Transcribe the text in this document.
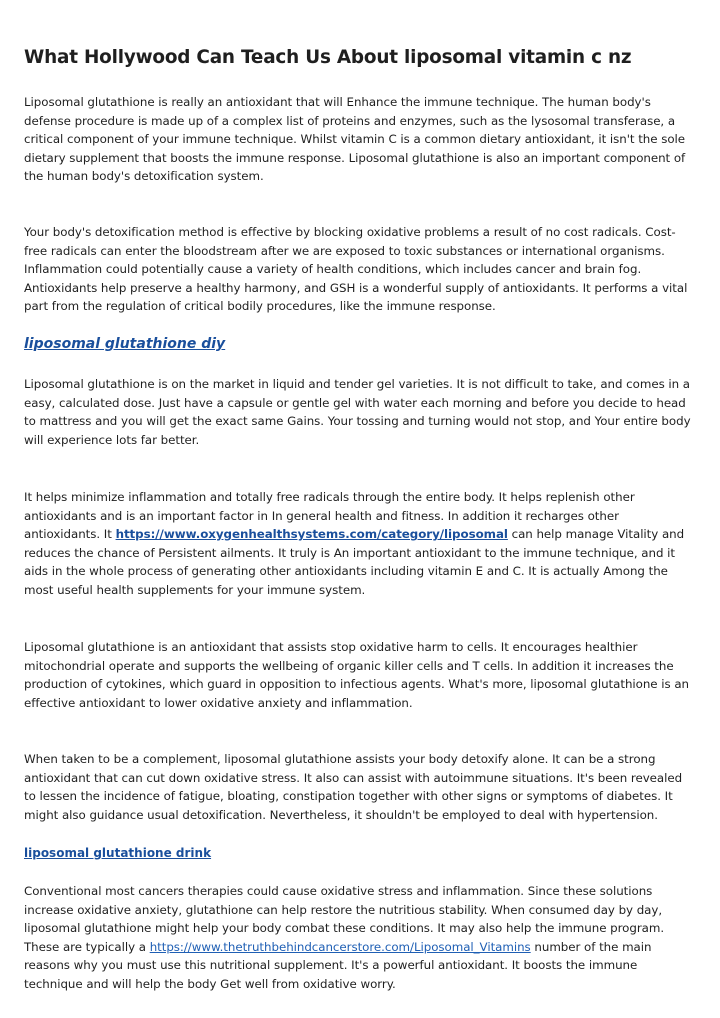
What Hollywood Can Teach Us About liposomal vitamin c nz

Liposomal glutathione is really an antioxidant that will Enhance the immune technique. The human body's defense procedure is made up of a complex list of proteins and enzymes, such as the lysosomal transferase, a critical component of your immune technique. Whilst vitamin C is a common dietary antioxidant, it isn't the sole dietary supplement that boosts the immune response. Liposomal glutathione is also an important component of the human body's detoxification system.

Your body's detoxification method is effective by blocking oxidative problems a result of no cost radicals. Cost-free radicals can enter the bloodstream after we are exposed to toxic substances or international organisms. Inflammation could potentially cause a variety of health conditions, which includes cancer and brain fog. Antioxidants help preserve a healthy harmony, and GSH is a wonderful supply of antioxidants. It performs a vital part from the regulation of critical bodily procedures, like the immune response.

liposomal glutathione diy

Liposomal glutathione is on the market in liquid and tender gel varieties. It is not difficult to take, and comes in a easy, calculated dose. Just have a capsule or gentle gel with water each morning and before you decide to head to mattress and you will get the exact same Gains. Your tossing and turning would not stop, and Your entire body will experience lots far better.

It helps minimize inflammation and totally free radicals through the entire body. It helps replenish other antioxidants and is an important factor in In general health and fitness. In addition it recharges other antioxidants. It https://www.oxygenhealthsystems.com/category/liposomal can help manage Vitality and reduces the chance of Persistent ailments. It truly is An important antioxidant to the immune technique, and it aids in the whole process of generating other antioxidants including vitamin E and C. It is actually Among the most useful health supplements for your immune system.

Liposomal glutathione is an antioxidant that assists stop oxidative harm to cells. It encourages healthier mitochondrial operate and supports the wellbeing of organic killer cells and T cells. In addition it increases the production of cytokines, which guard in opposition to infectious agents. What's more, liposomal glutathione is an effective antioxidant to lower oxidative anxiety and inflammation.

When taken to be a complement, liposomal glutathione assists your body detoxify alone. It can be a strong antioxidant that can cut down oxidative stress. It also can assist with autoimmune situations. It's been revealed to lessen the incidence of fatigue, bloating, constipation together with other signs or symptoms of diabetes. It might also guidance usual detoxification. Nevertheless, it shouldn't be employed to deal with hypertension.

liposomal glutathione drink

Conventional most cancers therapies could cause oxidative stress and inflammation. Since these solutions increase oxidative anxiety, glutathione can help restore the nutritious stability. When consumed day by day, liposomal glutathione might help your body combat these conditions. It may also help the immune program. These are typically a https://www.thetruthbehindcancerstore.com/Liposomal_Vitamins number of the main reasons why you must use this nutritional supplement. It's a powerful antioxidant. It boosts the immune technique and will help the body Get well from oxidative worry.
